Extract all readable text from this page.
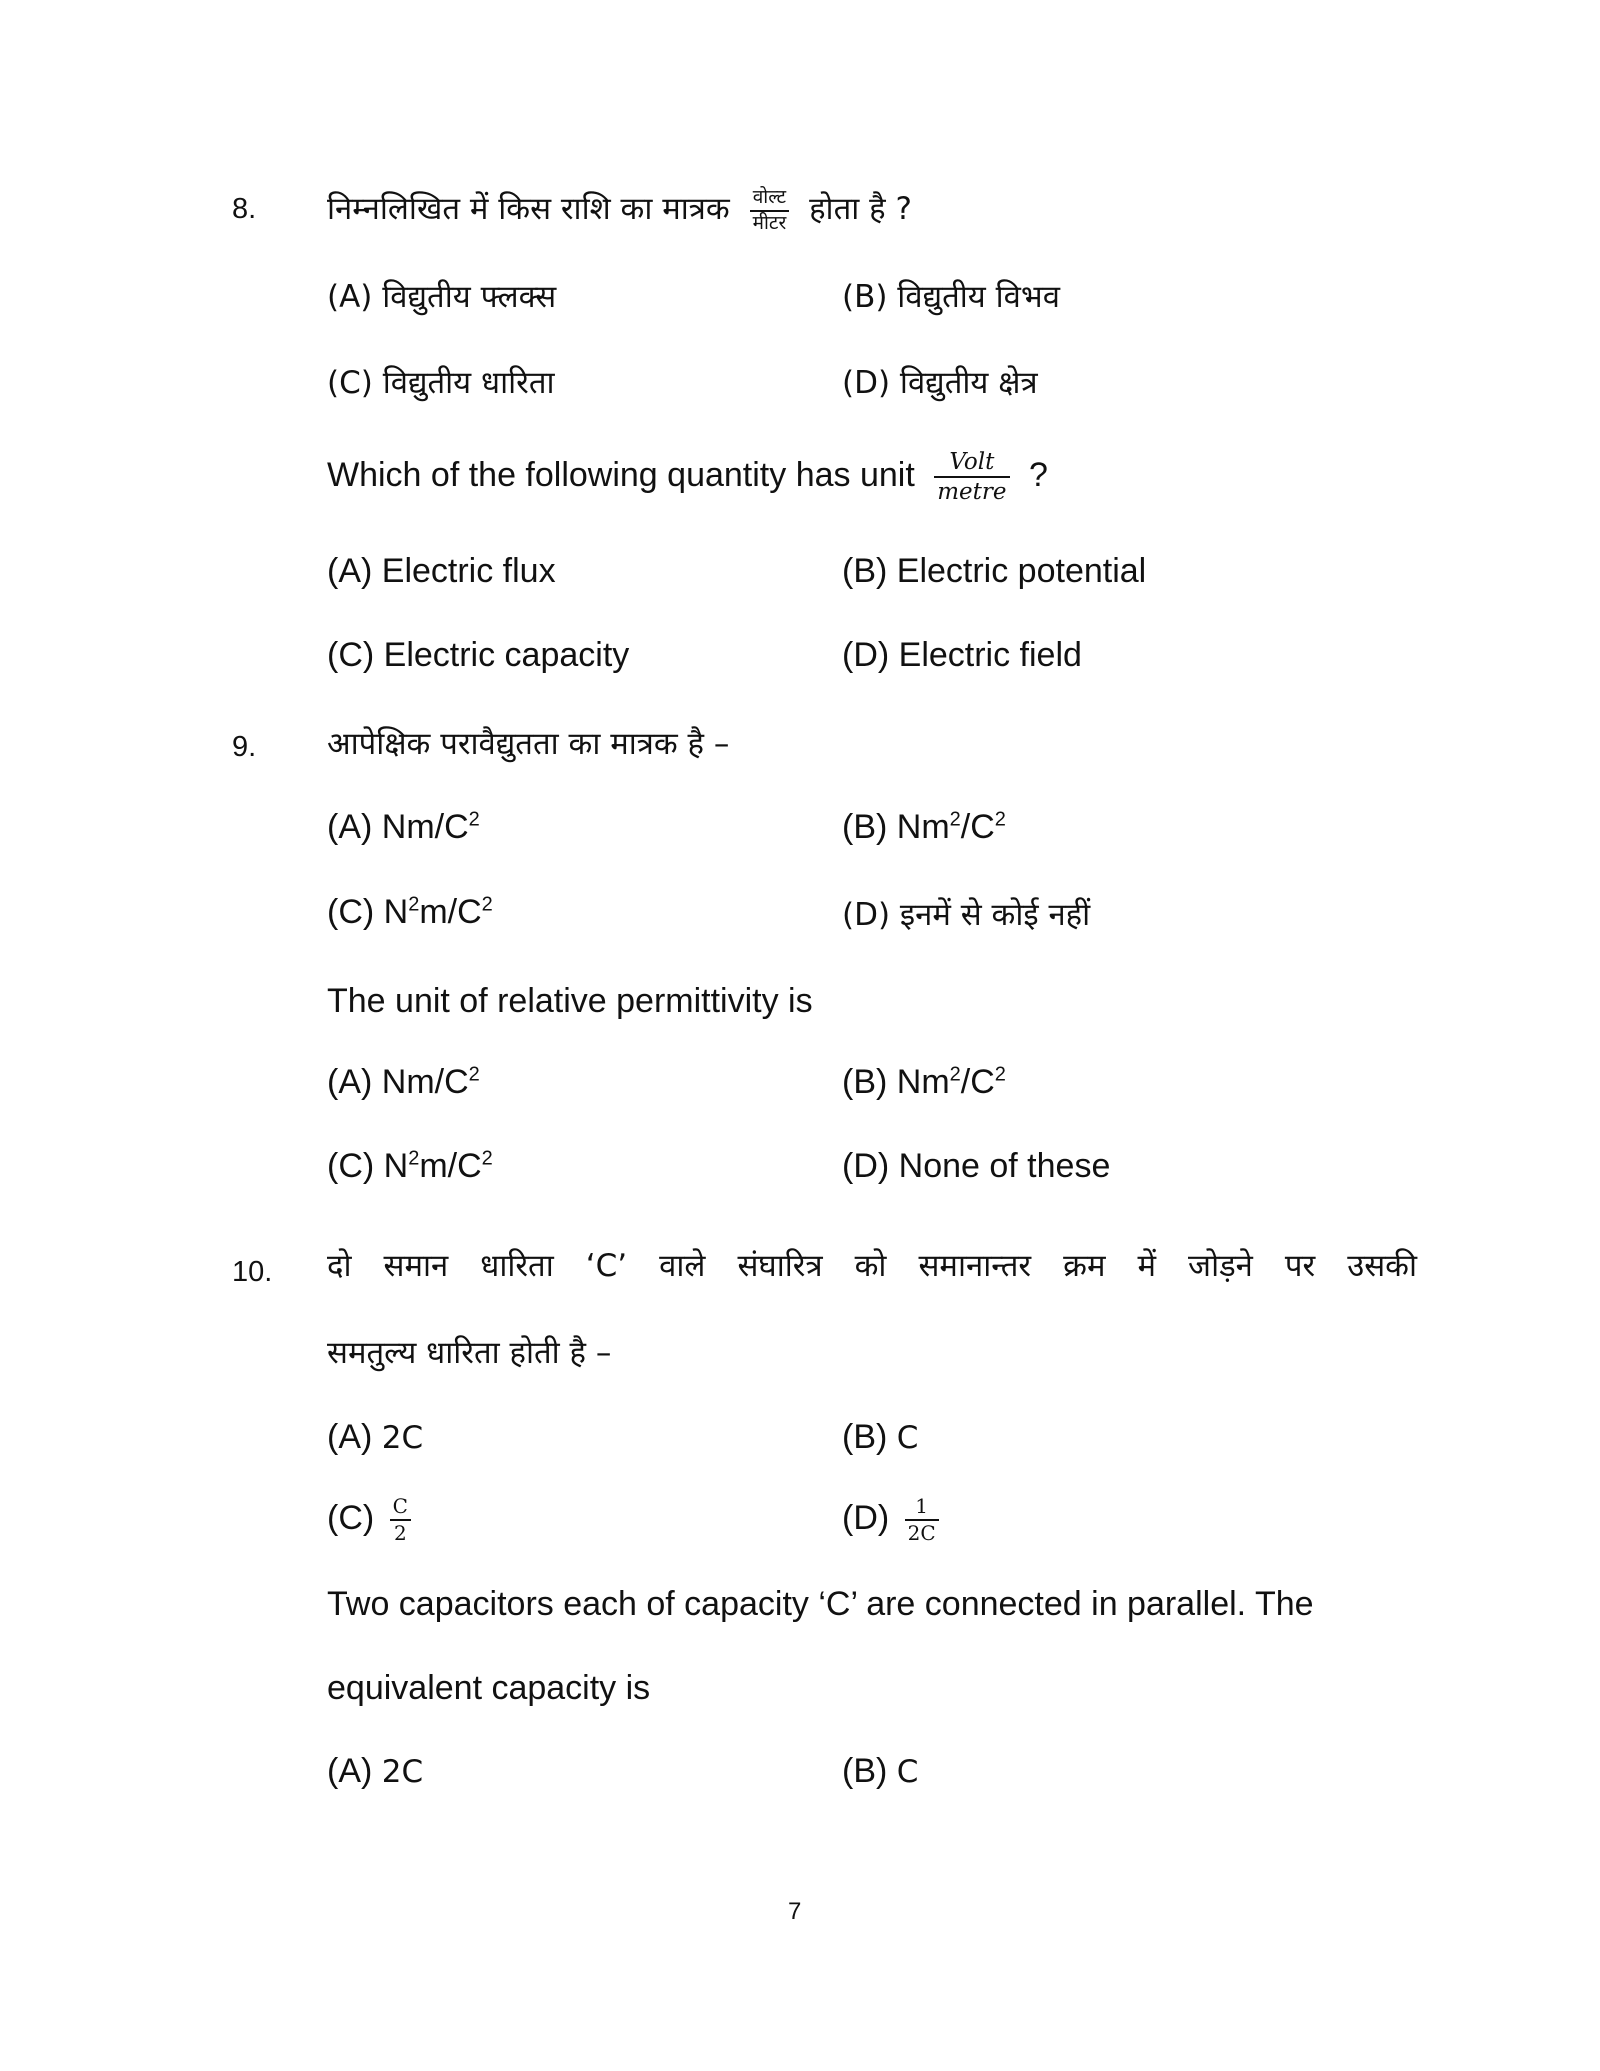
8. निम्नलिखित में किस राशि का मात्रक $\frac{\text{वोल्ट}}{\text{मीटर}}$ होता है ?
(A) विद्युतीय फ्लक्स	(B) विद्युतीय विभव
(C) विद्युतीय धारिता	(D) विद्युतीय क्षेत्र
Which of the following quantity has unit $\frac{\text{Volt}}{\text{metre}}$ ?
(A) Electric flux	(B) Electric potential
(C) Electric capacity	(D) Electric field
9. आपेक्षिक परावैद्युतता का मात्रक है –
(A) $Nm/C^2$	(B) $Nm^2/C^2$
(C) $N^2m/C^2$	(D) इनमें से कोई नहीं
The unit of relative permittivity is
(A) $Nm/C^2$	(B) $Nm^2/C^2$
(C) $N^2m/C^2$	(D) None of these
10. दो समान धारिता ‘C’ वाले संघारित्र को समानान्तर क्रम में जोड़ने पर उसकी
समतुल्य धारिता होती है –
(A) 2C	(B) C
$(C) \frac{C}{2}$	$(D) \frac{1}{2C}$
Two capacitors each of capacity ‘C’ are connected in parallel. The
equivalent capacity is
(A) 2C	(B) C
7
